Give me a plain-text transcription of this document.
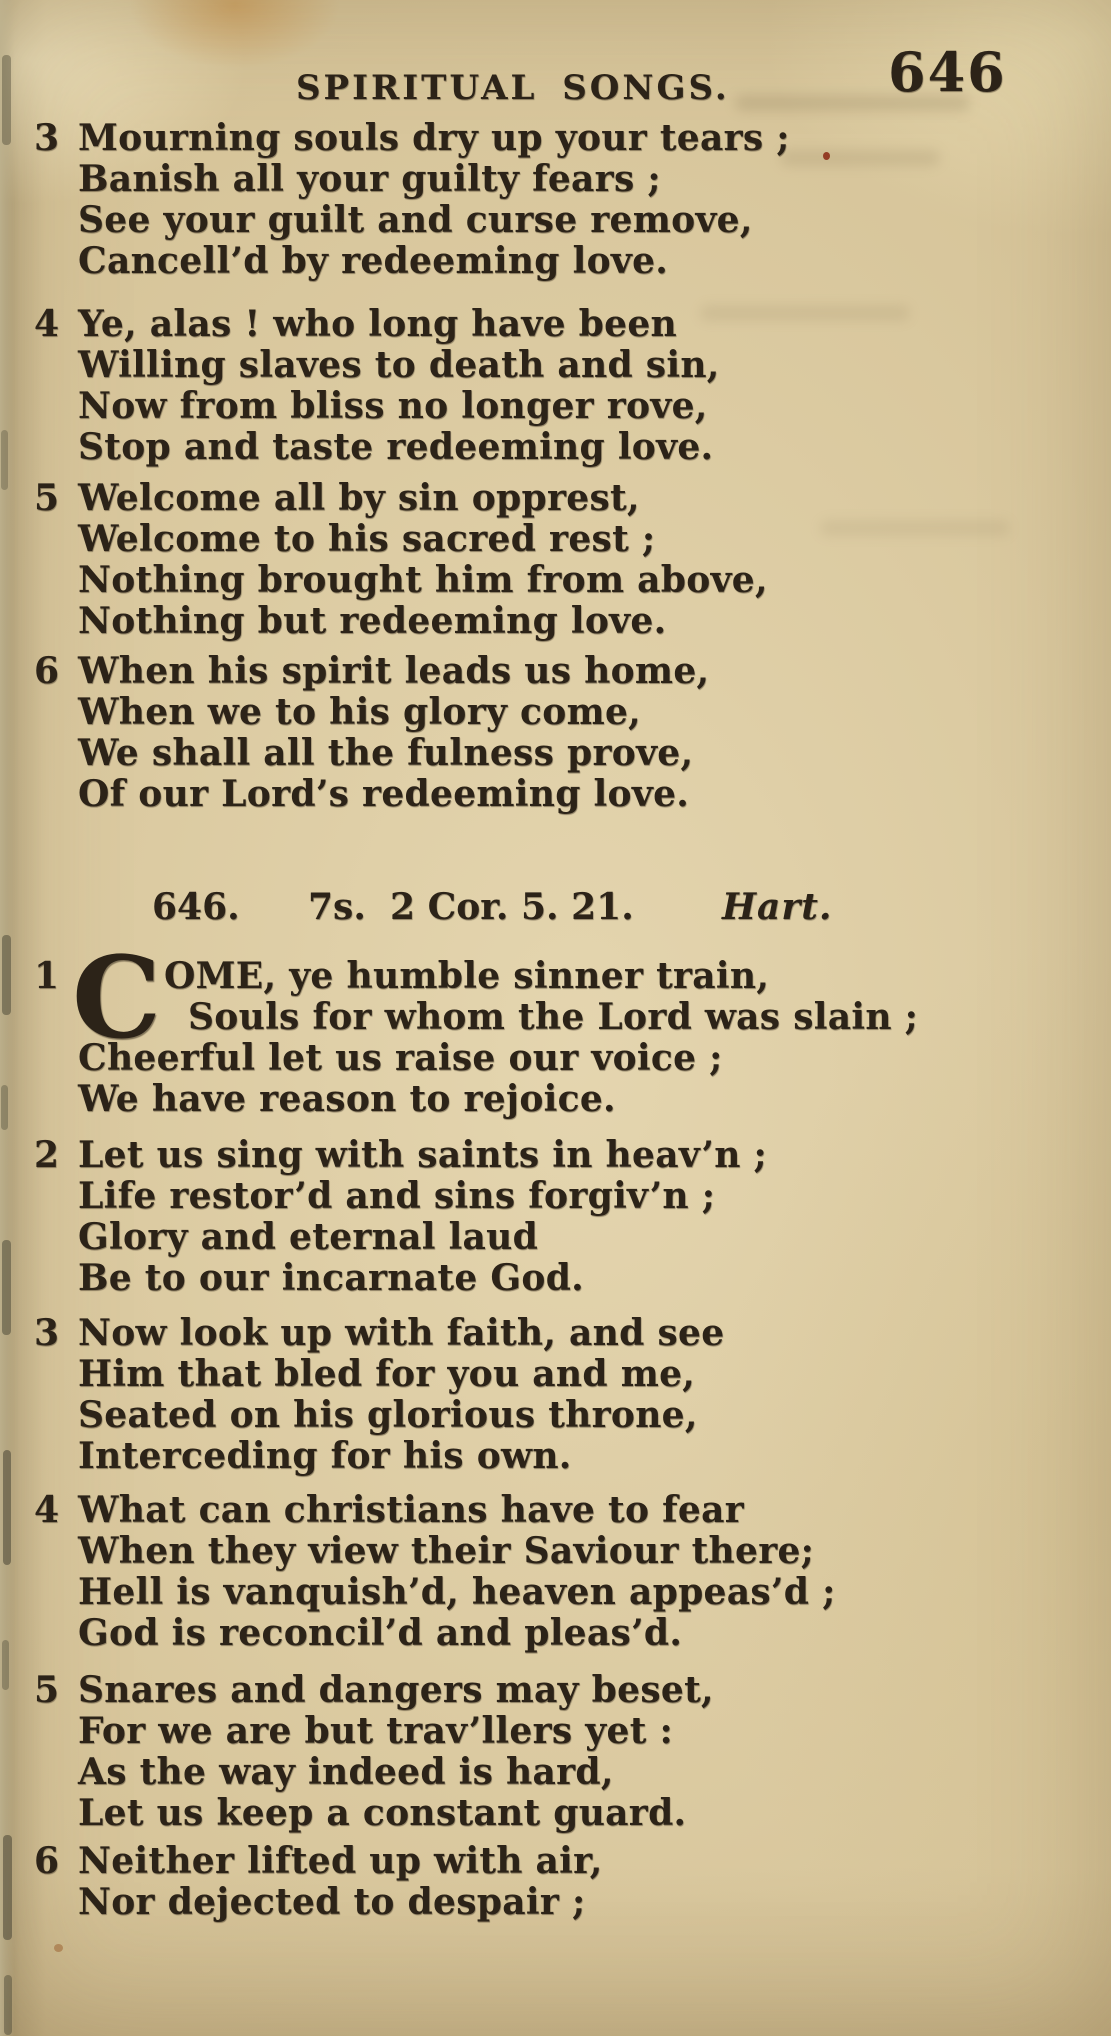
SPIRITUAL SONGS.	646
3 Mourning souls dry up your tears ;
Banish all your guilty fears ;
See your guilt and curse remove,
Cancell’d by redeeming love.
4 Ye, alas ! who long have been
Willing slaves to death and sin,
Now from bliss no longer rove,
Stop and taste redeeming love.
5 Welcome all by sin opprest,
Welcome to his sacred rest ;
Nothing brought him from above,
Nothing but redeeming love.
6 When his spirit leads us home,
When we to his glory come,
We shall all the fulness prove,
Of our Lord’s redeeming love.
646. 7s. 2 Cor. 5. 21. Hart.
1 C OME, ye humble sinner train,
Souls for whom the Lord was slain ;
Cheerful let us raise our voice ;
We have reason to rejoice.
2 Let us sing with saints in heav’n ;
Life restor’d and sins forgiv’n ;
Glory and eternal laud
Be to our incarnate God.
3 Now look up with faith, and see
Him that bled for you and me,
Seated on his glorious throne,
Interceding for his own.
4 What can christians have to fear
When they view their Saviour there;
Hell is vanquish’d, heaven appeas’d ;
God is reconcil’d and pleas’d.
5 Snares and dangers may beset,
For we are but trav’llers yet :
As the way indeed is hard,
Let us keep a constant guard.
6 Neither lifted up with air,
Nor dejected to despair ;
